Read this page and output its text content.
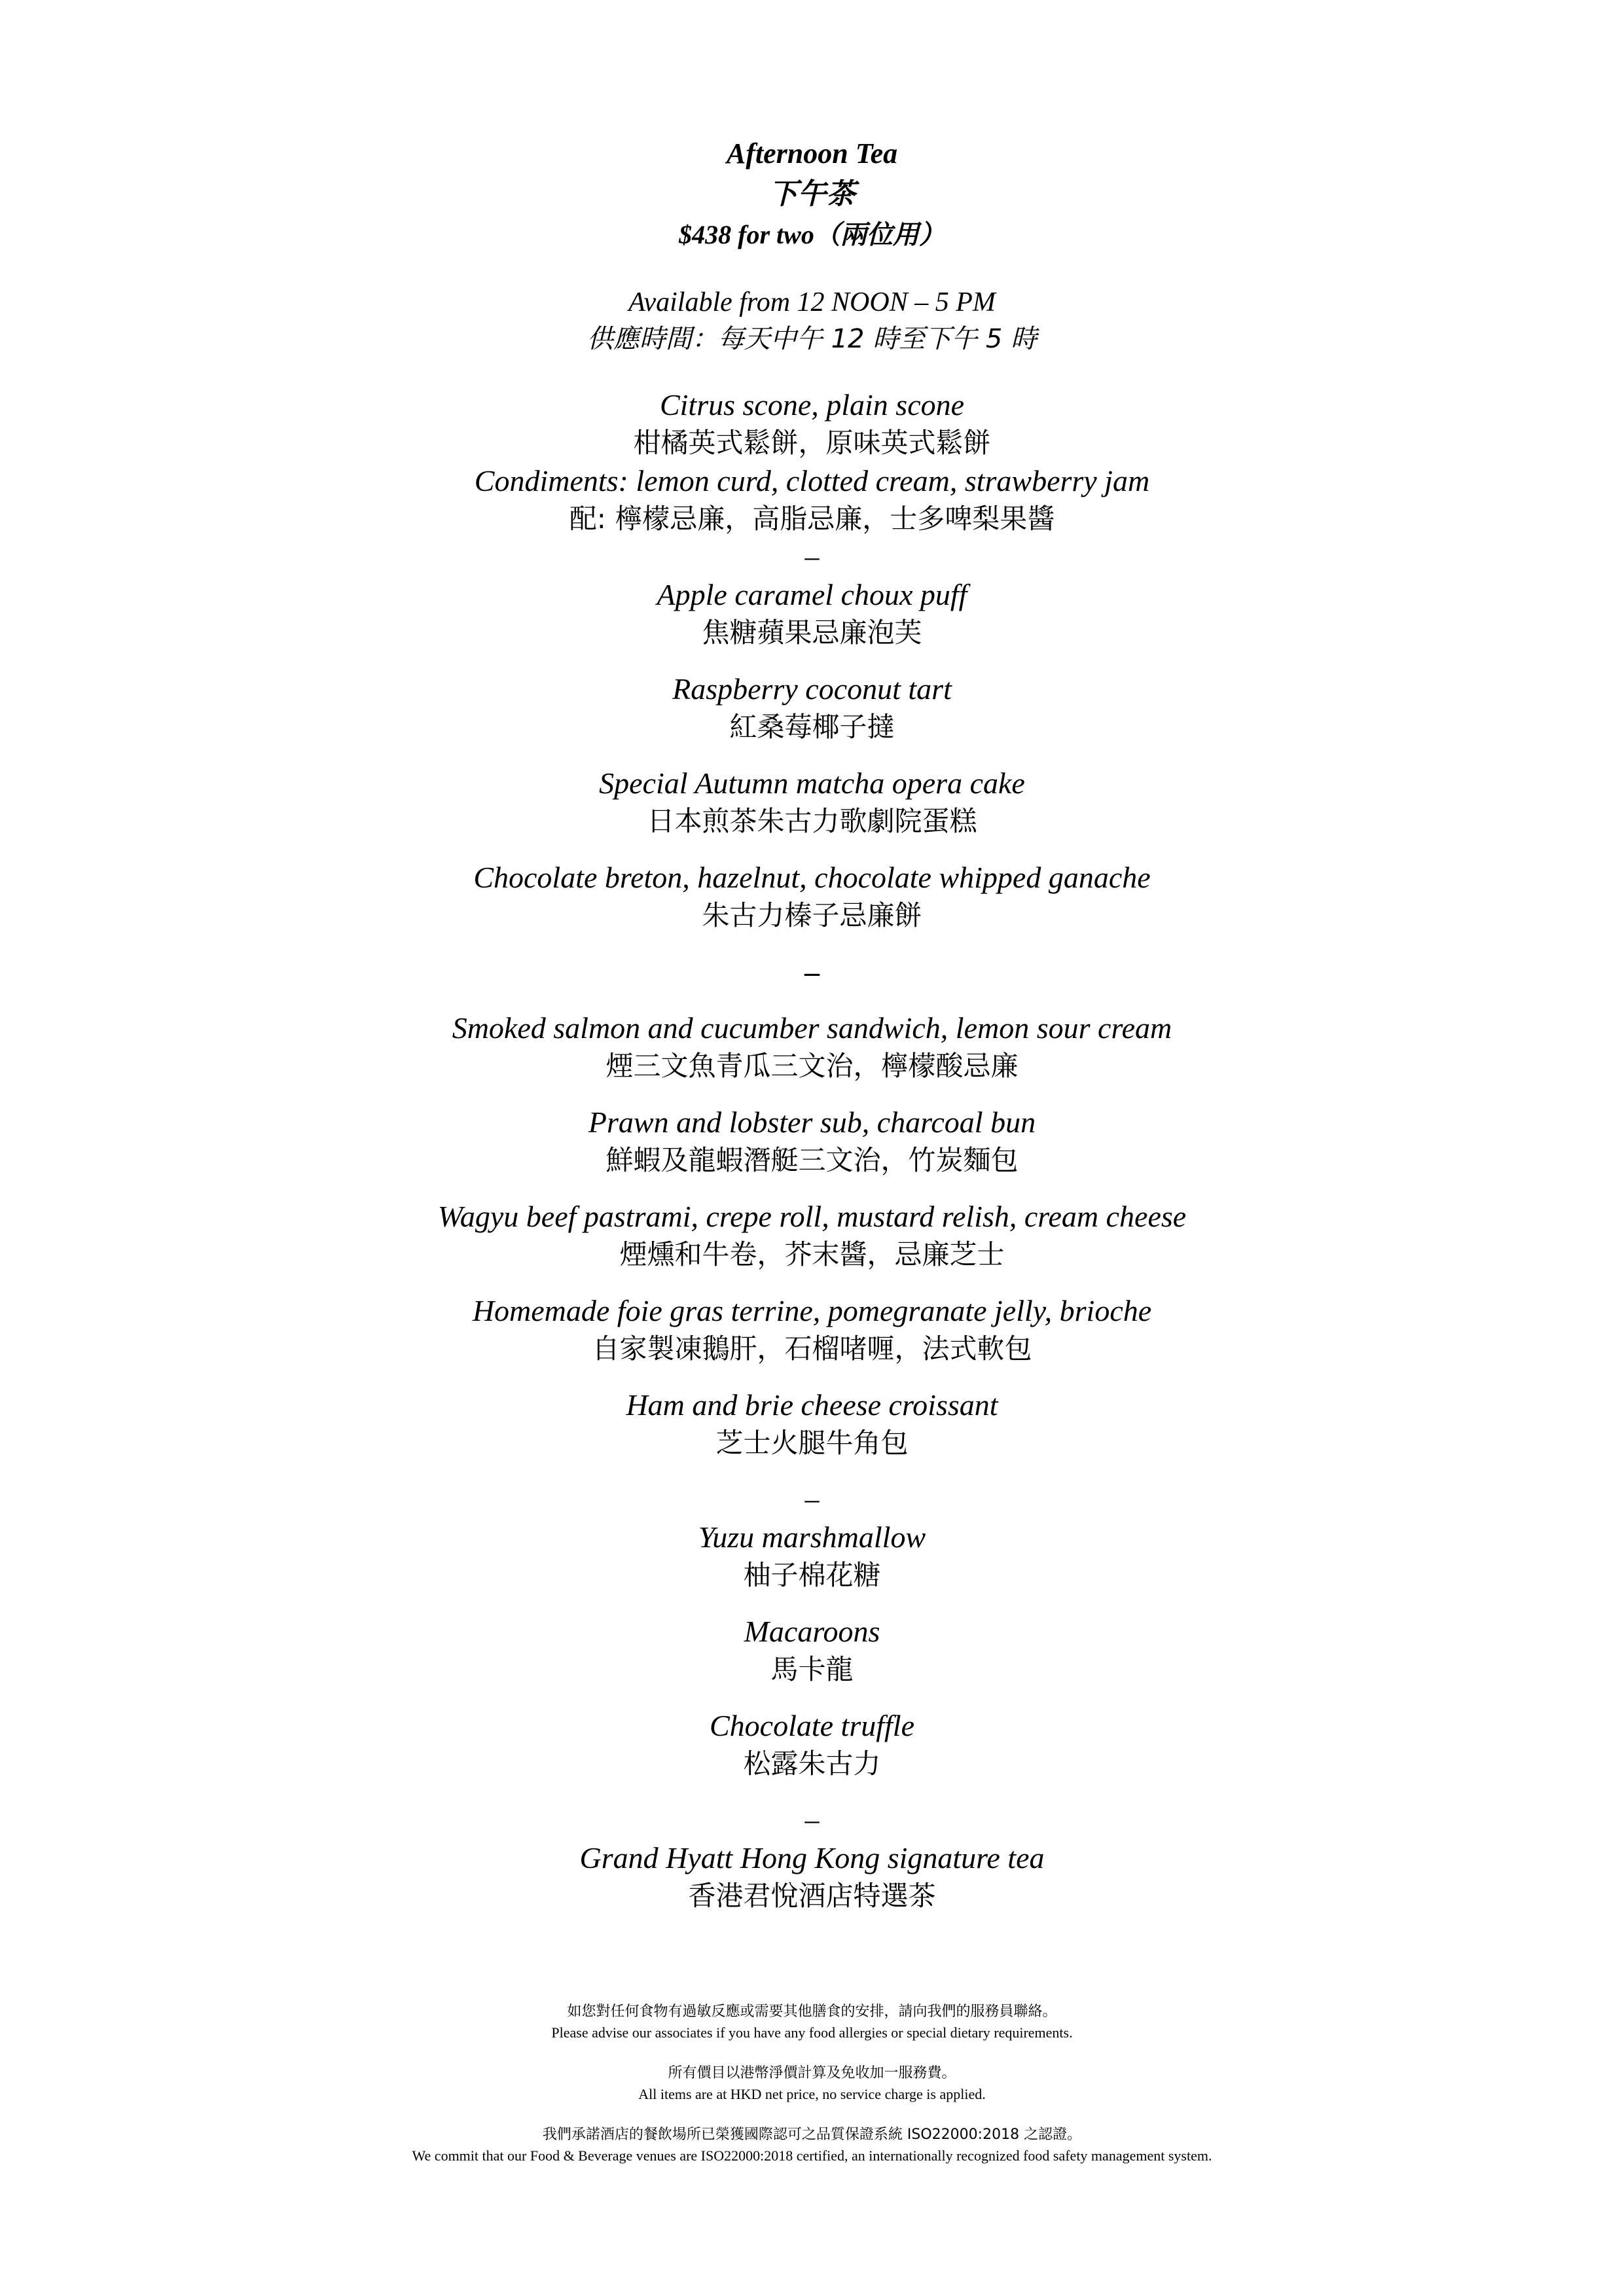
Afternoon Tea
下午茶
$438 for two（兩位用）
Available from 12 NOON – 5 PM
供應時間：每天中午 12 時至下午 5 時
Citrus scone, plain scone
柑橘英式鬆餅，原味英式鬆餅
Condiments: lemon curd, clotted cream, strawberry jam
配: 檸檬忌廉，高脂忌廉，士多啤梨果醬
–
Apple caramel choux puff
焦糖蘋果忌廉泡芙
Raspberry coconut tart
紅桑莓椰子撻
Special Autumn matcha opera cake
日本煎茶朱古力歌劇院蛋糕
Chocolate breton, hazelnut, chocolate whipped ganache
朱古力榛子忌廉餅
–
Smoked salmon and cucumber sandwich, lemon sour cream
煙三文魚青瓜三文治，檸檬酸忌廉
Prawn and lobster sub, charcoal bun
鮮蝦及龍蝦潛艇三文治，竹炭麵包
Wagyu beef pastrami, crepe roll, mustard relish, cream cheese
煙燻和牛卷，芥末醬，忌廉芝士
Homemade foie gras terrine, pomegranate jelly, brioche
自家製凍鵝肝，石榴啫喱，法式軟包
Ham and brie cheese croissant
芝士火腿牛角包
–
Yuzu marshmallow
柚子棉花糖
Macaroons
馬卡龍
Chocolate truffle
松露朱古力
–
Grand Hyatt Hong Kong signature tea
香港君悅酒店特選茶
如您對任何食物有過敏反應或需要其他膳食的安排，請向我們的服務員聯絡。
Please advise our associates if you have any food allergies or special dietary requirements.
所有價目以港幣淨價計算及免收加一服務費。
All items are at HKD net price, no service charge is applied.
我們承諾酒店的餐飲場所已榮獲國際認可之品質保證系統 ISO22000:2018 之認證。
We commit that our Food & Beverage venues are ISO22000:2018 certified, an internationally recognized food safety management system.
